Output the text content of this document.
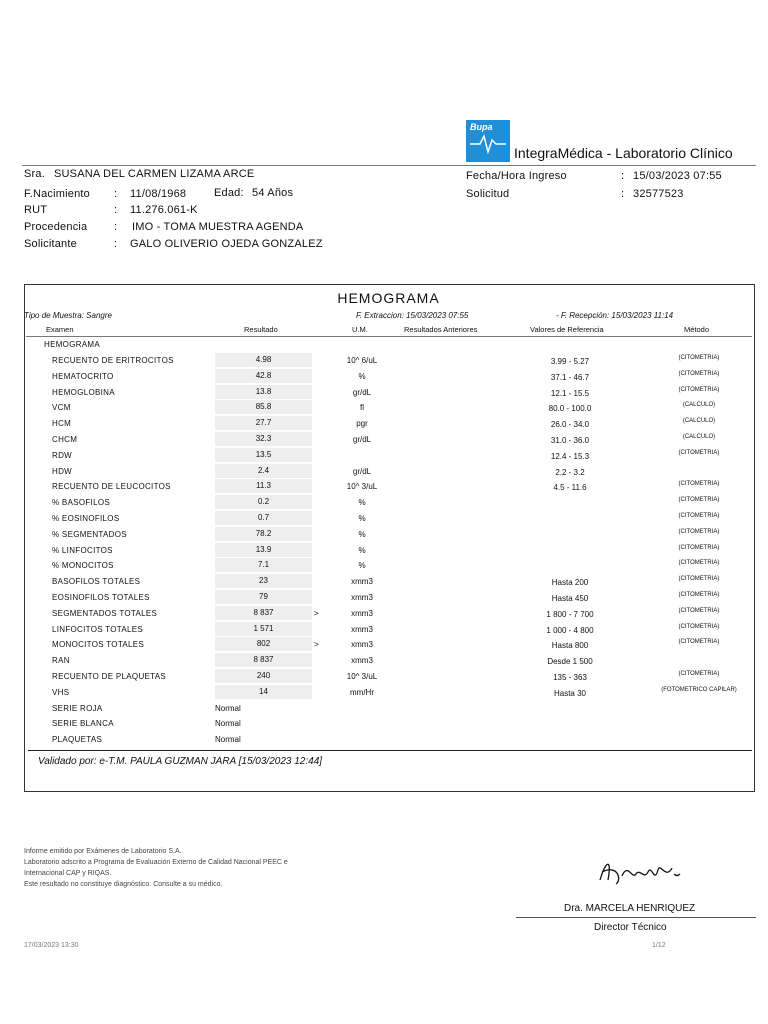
Bupa
IntegraMédica - Laboratorio Clínico
Sra. SUSANA DEL CARMEN LIZAMA ARCE
F.Nacimiento : 11/08/1968	Edad: 54 Años
RUT	: 11.276.061-K
Procedencia : IMO - TOMA MUESTRA AGENDA
Solicitante	: GALO OLIVERIO OJEDA GONZALEZ
Fecha/Hora Ingreso	: 15/03/2023 07:55
Solicitud	: 32577523
HEMOGRAMA
Tipo de Muestra: Sangre	F. Extraccion: 15/03/2023 07:55	- F. Recepción: 15/03/2023 11:14
Examen	Resultado	U.M.	Resultados Anteriores	Valores de Referencia	Método
HEMOGRAMA
RECUENTO DE ERITROCITOS	4.98	10^ 6/uL	3.99 - 5.27	(CITOMETRIA)
HEMATOCRITO	42.8	%	37.1 - 46.7	(CITOMETRIA)
HEMOGLOBINA	13.8	gr/dL	12.1 - 15.5	(CITOMETRIA)
VCM	85.8	fl	80.0 - 100.0	(CALCULO)
HCM	27.7	pgr	26.0 - 34.0	(CALCULO)
CHCM	32.3	gr/dL	31.0 - 36.0	(CALCULO)
RDW	13.5	12.4 - 15.3	(CITOMETRIA)
HDW	2.4	gr/dL	2.2 - 3.2
RECUENTO DE LEUCOCITOS	11.3	10^ 3/uL	4.5 - 11.6	(CITOMETRIA)
% BASOFILOS	0.2	%	(CITOMETRIA)
% EOSINOFILOS	0.7	%	(CITOMETRIA)
% SEGMENTADOS	78.2	%	(CITOMETRIA)
% LINFOCITOS	13.9	%	(CITOMETRIA)
% MONOCITOS	7.1	%	(CITOMETRIA)
BASOFILOS TOTALES	23	xmm3	Hasta 200	(CITOMETRIA)
EOSINOFILOS TOTALES	79	xmm3	Hasta 450	(CITOMETRIA)
SEGMENTADOS TOTALES	8 837	>	xmm3	1 800 - 7 700	(CITOMETRIA)
LINFOCITOS TOTALES	1 571	xmm3	1 000 - 4 800	(CITOMETRIA)
MONOCITOS TOTALES	802	>	xmm3	Hasta 800	(CITOMETRIA)
RAN	8 837	xmm3	Desde 1 500
RECUENTO DE PLAQUETAS	240	10^ 3/uL	135 - 363	(CITOMETRIA)
VHS	14	mm/Hr	Hasta 30	(FOTOMETRICO CAPILAR)
SERIE ROJA	Normal
SERIE BLANCA	Normal
PLAQUETAS	Normal
Validado por: e-T.M. PAULA GUZMAN JARA [15/03/2023 12:44]
Informe emitido por Exámenes de Laboratorio S.A.
Laboratorio adscrito a Programa de Evaluación Externo de Calidad Nacional PEEC e
Internacional CAP y RIQAS.
Este resultado no constituye diagnóstico. Consulte a su médico.
Dra. MARCELA HENRIQUEZ
Director Técnico
17/03/2023 13:30	1/12
